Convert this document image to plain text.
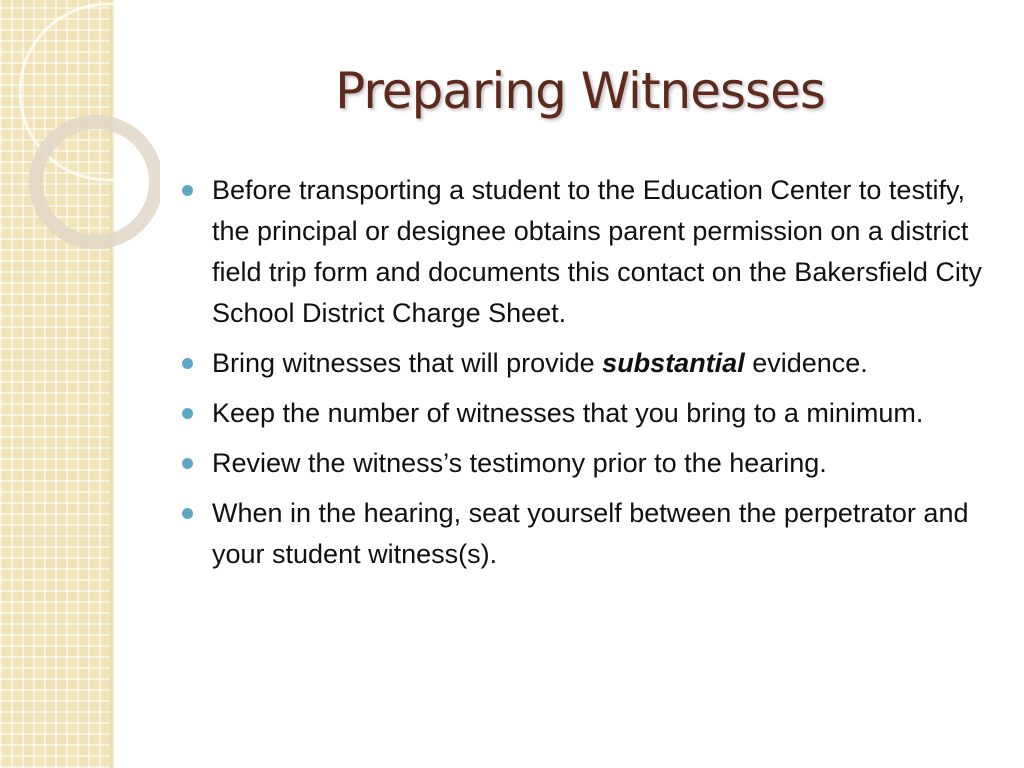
Preparing Witnesses
Before transporting a student to the Education Center to testify, the principal or designee obtains parent permission on a district field trip form and documents this contact on the Bakersfield City School District Charge Sheet.
Bring witnesses that will provide substantial evidence.
Keep the number of witnesses that you bring to a minimum.
Review the witness’s testimony prior to the hearing.
When in the hearing, seat yourself between the perpetrator and your student witness(s).
